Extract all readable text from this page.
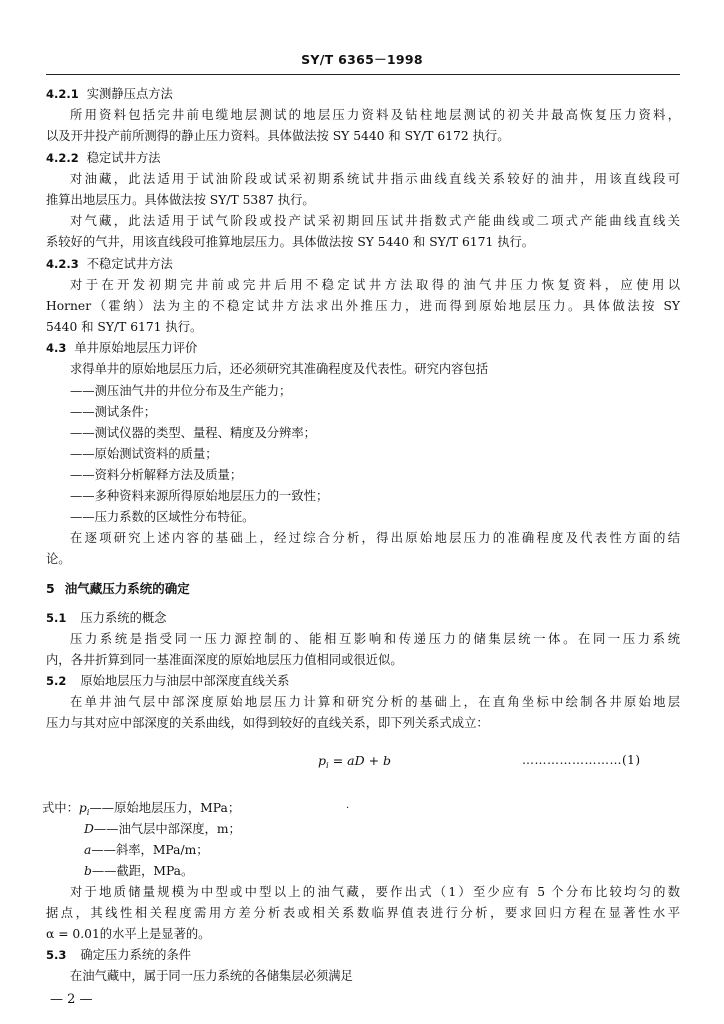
SY/T 6365－1998
4.2.1 实测静压点方法
所用资料包括完井前电缆地层测试的地层压力资料及钻柱地层测试的初关井最高恢复压力资料，
以及开井投产前所测得的静止压力资料。具体做法按 SY 5440 和 SY/T 6172 执行。
4.2.2 稳定试井方法
对油藏，此法适用于试油阶段或试采初期系统试井指示曲线直线关系较好的油井，用该直线段可
推算出地层压力。具体做法按 SY/T 5387 执行。
对气藏，此法适用于试气阶段或投产试采初期回压试井指数式产能曲线或二项式产能曲线直线关
系较好的气井，用该直线段可推算地层压力。具体做法按 SY 5440 和 SY/T 6171 执行。
4.2.3 不稳定试井方法
对于在开发初期完井前或完井后用不稳定试井方法取得的油气井压力恢复资料，应使用以
Horner（霍纳）法为主的不稳定试井方法求出外推压力，进而得到原始地层压力。具体做法按 SY
5440 和 SY/T 6171 执行。
4.3 单井原始地层压力评价
求得单井的原始地层压力后，还必须研究其准确程度及代表性。研究内容包括
——测压油气井的井位分布及生产能力；
——测试条件；
——测试仪器的类型、量程、精度及分辨率；
——原始测试资料的质量；
——资料分析解释方法及质量；
——多种资料来源所得原始地层压力的一致性；
——压力系数的区域性分布特征。
在逐项研究上述内容的基础上，经过综合分析，得出原始地层压力的准确程度及代表性方面的结
论。
5 油气藏压力系统的确定
5.1 压力系统的概念
压力系统是指受同一压力源控制的、能相互影响和传递压力的储集层统一体。在同一压力系统
内，各井折算到同一基准面深度的原始地层压力值相同或很近似。
5.2 原始地层压力与油层中部深度直线关系
在单井油气层中部深度原始地层压力计算和研究分析的基础上，在直角坐标中绘制各井原始地层
压力与其对应中部深度的关系曲线，如得到较好的直线关系，即下列关系式成立：
$p_i$ = aD + b	……………………(1)
式中：$p_i——$原始地层压力，MPa；	·
D——油气层中部深度，m；
a——斜率，MPa/m；
b——截距，MPa。
对于地质储量规模为中型或中型以上的油气藏，要作出式（1）至少应有 5 个分布比较均匀的数
据点，其线性相关程度需用方差分析表或相关系数临界值表进行分析，要求回归方程在显著性水平
α = 0.01的水平上是显著的。
5.3 确定压力系统的条件
在油气藏中，属于同一压力系统的各储集层必须满足
— 2 —
